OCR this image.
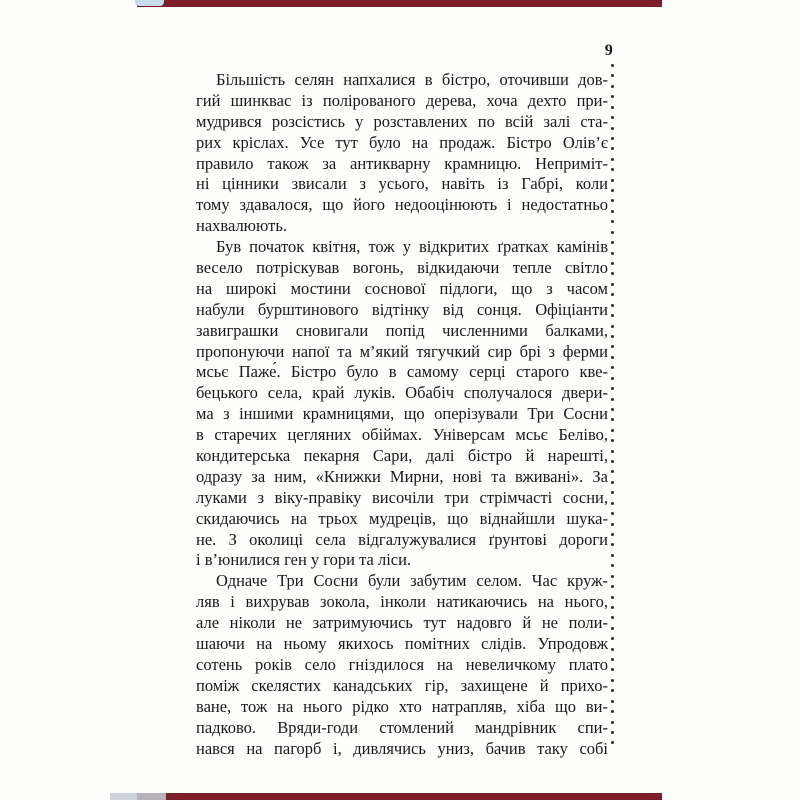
9
Більшість селян напхалися в бістро, оточивши дов-
гий шинквас із полірованого дерева, хоча дехто при-
мудрився розсістись у розставлених по всій залі ста-
рих кріслах. Усе тут було на продаж. Бістро Олів’є
правило також за антикварну крамницю. Непримiт-
ні цінники звисали з усього, навіть із Габрі, коли
тому здавалося, що його недооцінюють і недостатньо
нахвалюють.
Був початок квітня, тож у відкритих ґратках камінів
весело потріскував вогонь, відкидаючи тепле світло
на широкі мостини соснової підлоги, що з часом
набули бурштинового відтінку від сонця. Офіціанти
завиграшки сновигали попід численними балками,
пропонуючи напої та м’який тягучкий сир брі з ферми
мсьє Паже́. Бістро було в самому серці старого кве-
бецького села, край луків. Обабіч сполучалося двери-
ма з іншими крамницями, що оперізували Три Сосни
в старечих цегляних обіймах. Універсам мсьє Беліво,
кондитерська пекарня Сари, далі бістро й нарешті,
одразу за ним, «Книжки Мирни, нові та вживані». За
луками з віку-правіку височіли три стрімчасті сосни,
скидаючись на трьох мудреців, що віднайшли шука-
не. З околиці села відгалужувалися ґрунтові дороги
і в’юнилися ген у гори та ліси.
Одначе Три Сосни були забутим селом. Час круж-
ляв і вихрував зокола, інколи натикаючись на нього,
але ніколи не затримуючись тут надовго й не поли-
шаючи на ньому якихось помітних слідів. Упродовж
сотень років село гніздилося на невеличкому плато
поміж скелястих канадських гір, захищене й прихо-
ване, тож на нього рідко хто натрапляв, хіба що ви-
падково. Вряди-годи стомлений мандрівник спи-
нався на пагорб і, дивлячись униз, бачив таку собі
